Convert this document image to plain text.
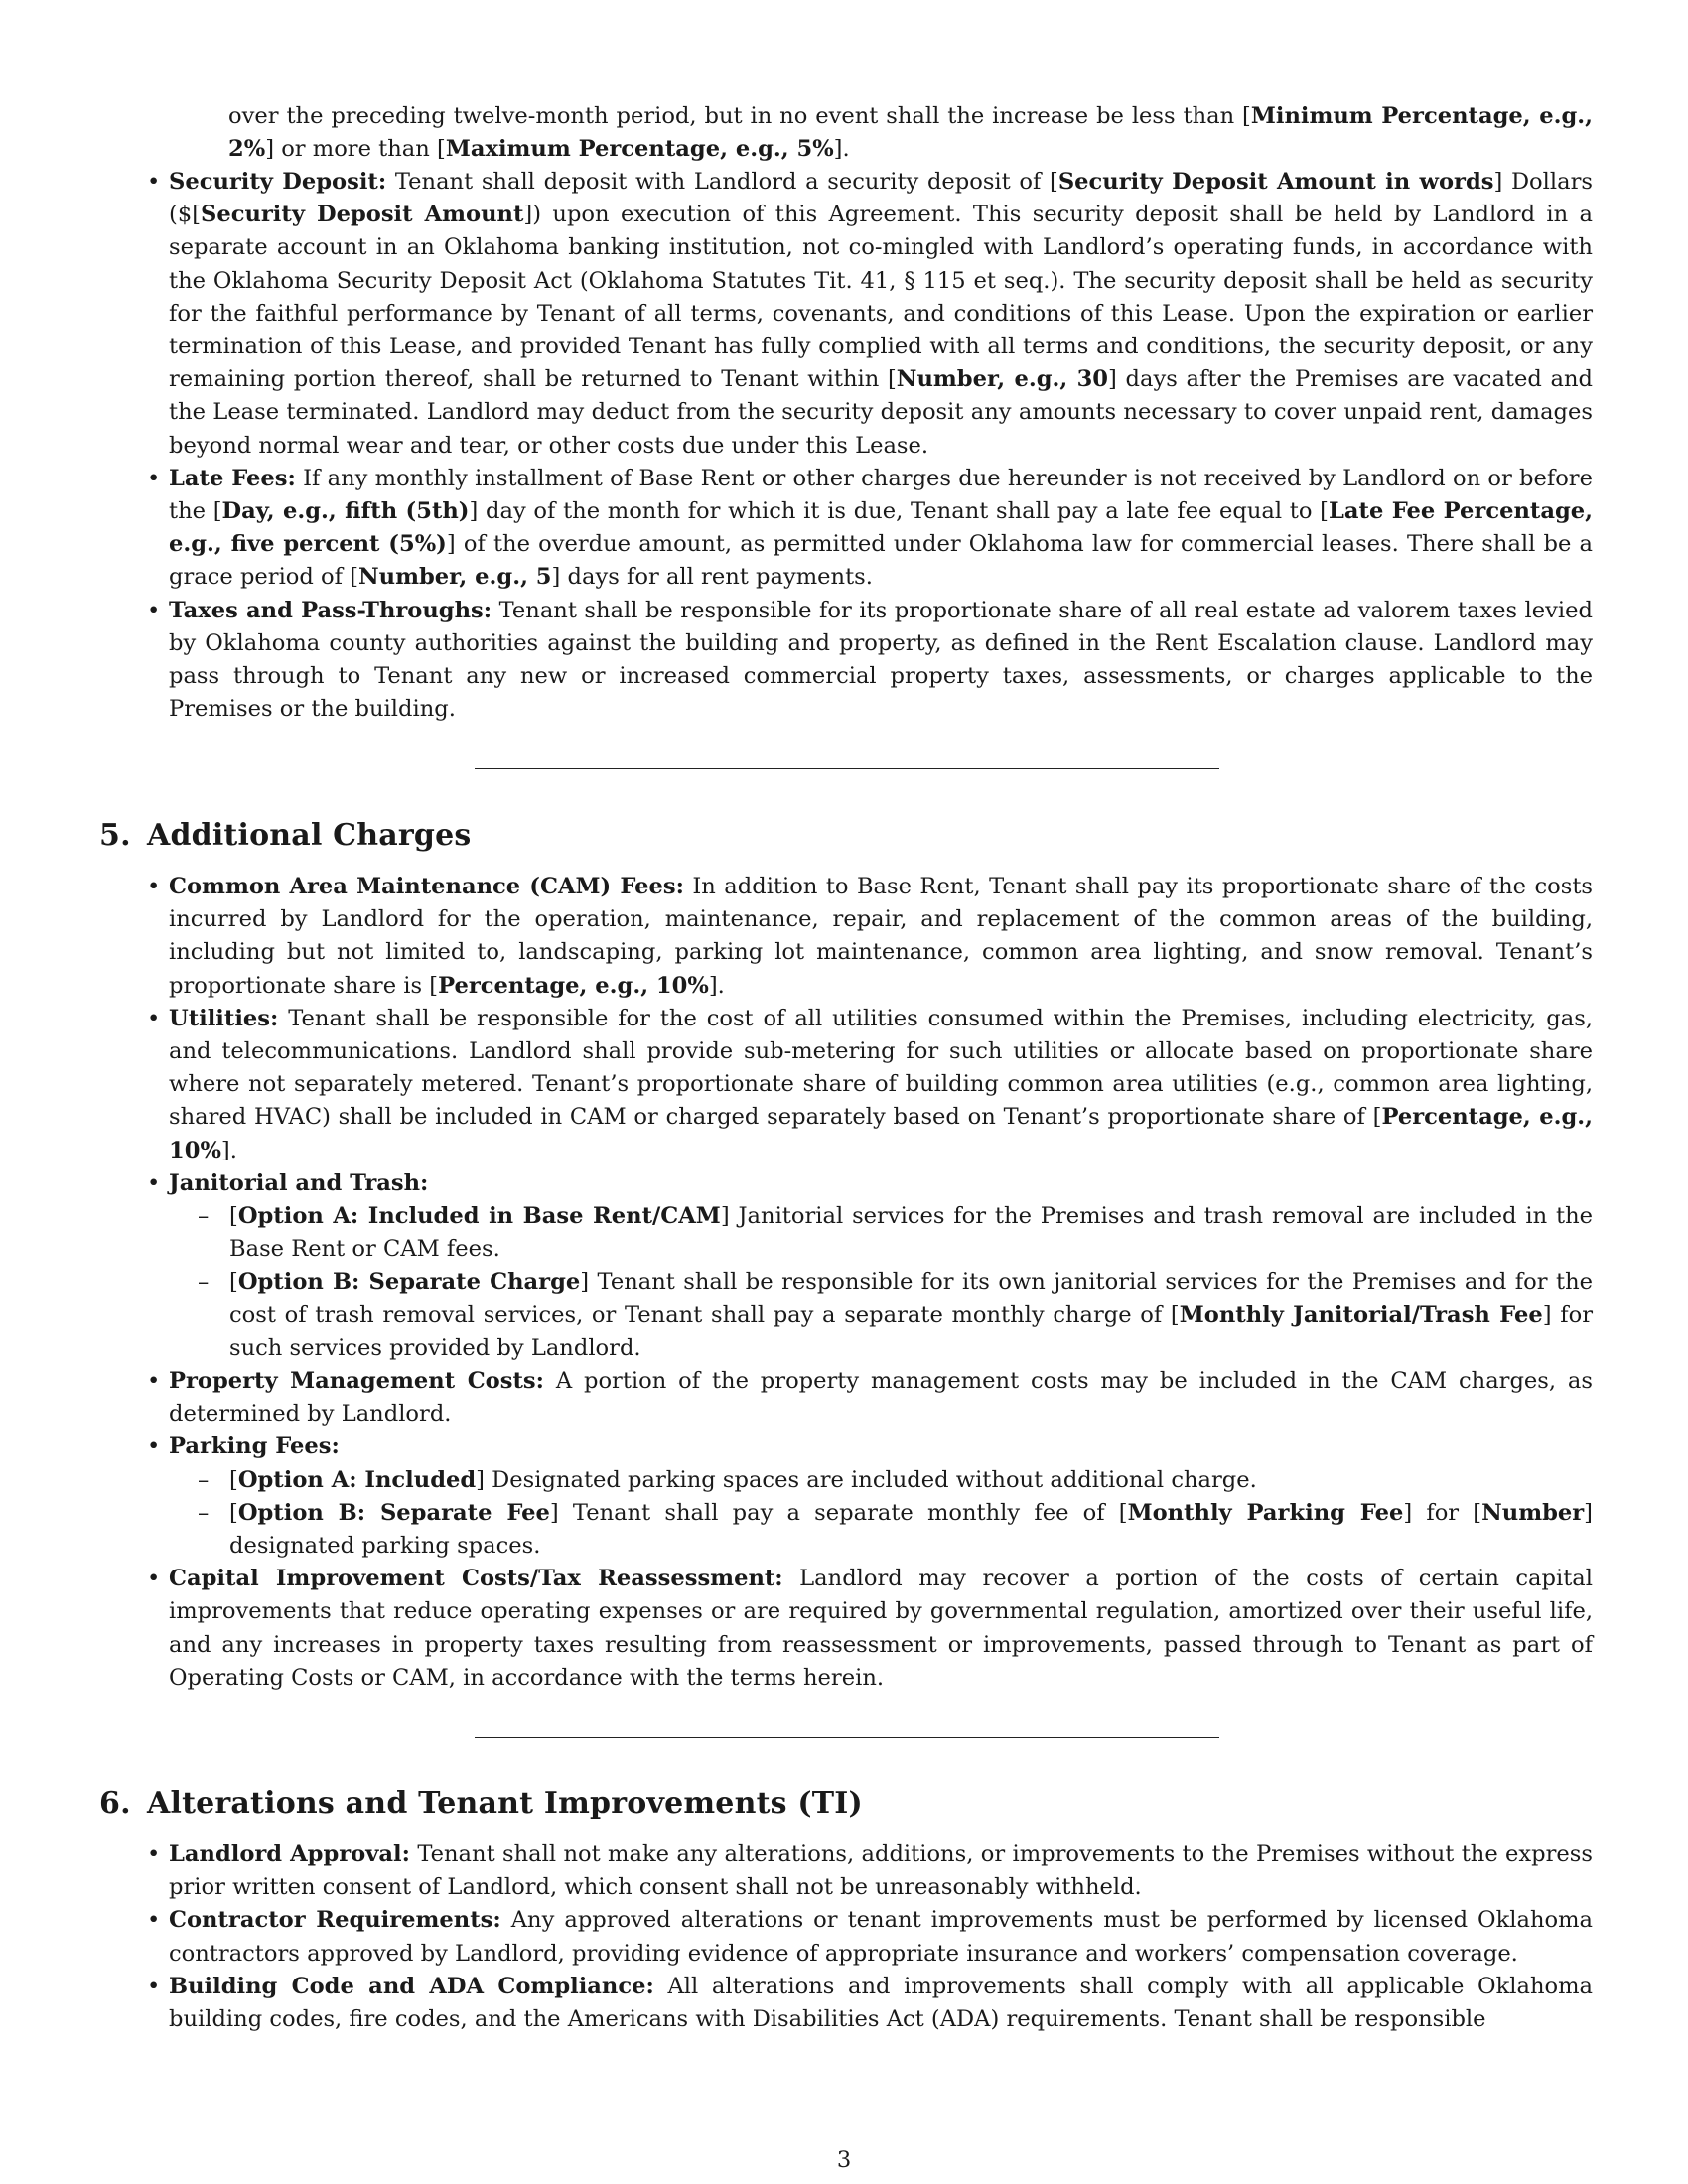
over the preceding twelve-month period, but in no event shall the increase be less than [Minimum Percentage, e.g., 2%] or more than [Maximum Percentage, e.g., 5%].
• Security Deposit: Tenant shall deposit with Landlord a security deposit of [Security Deposit Amount in words] Dollars ($[Security Deposit Amount]) upon execution of this Agreement. This security deposit shall be held by Landlord in a separate account in an Oklahoma banking institution, not co-mingled with Landlord’s operating funds, in accordance with the Oklahoma Security Deposit Act (Oklahoma Statutes Tit. 41, § 115 et seq.). The security deposit shall be held as security for the faithful performance by Tenant of all terms, covenants, and conditions of this Lease. Upon the expiration or earlier termination of this Lease, and provided Tenant has fully complied with all terms and conditions, the security deposit, or any remaining portion thereof, shall be returned to Tenant within [Number, e.g., 30] days after the Premises are vacated and the Lease terminated. Landlord may deduct from the security deposit any amounts necessary to cover unpaid rent, damages beyond normal wear and tear, or other costs due under this Lease.
• Late Fees: If any monthly installment of Base Rent or other charges due hereunder is not received by Landlord on or before the [Day, e.g., fifth (5th)] day of the month for which it is due, Tenant shall pay a late fee equal to [Late Fee Percentage, e.g., five percent (5%)] of the overdue amount, as permitted under Oklahoma law for commercial leases. There shall be a grace period of [Number, e.g., 5] days for all rent payments.
• Taxes and Pass-Throughs: Tenant shall be responsible for its proportionate share of all real estate ad valorem taxes levied by Oklahoma county authorities against the building and property, as defined in the Rent Escalation clause. Landlord may pass through to Tenant any new or increased commercial property taxes, assessments, or charges applicable to the Premises or the building.
5. Additional Charges
• Common Area Maintenance (CAM) Fees: In addition to Base Rent, Tenant shall pay its proportionate share of the costs incurred by Landlord for the operation, maintenance, repair, and replacement of the common areas of the building, including but not limited to, landscaping, parking lot maintenance, common area lighting, and snow removal. Tenant’s proportionate share is [Percentage, e.g., 10%].
• Utilities: Tenant shall be responsible for the cost of all utilities consumed within the Premises, including electricity, gas, and telecommunications. Landlord shall provide sub-metering for such utilities or allocate based on proportionate share where not separately metered. Tenant’s proportionate share of building common area utilities (e.g., common area lighting, shared HVAC) shall be included in CAM or charged separately based on Tenant’s proportionate share of [Percentage, e.g., 10%].
• Janitorial and Trash:
– [Option A: Included in Base Rent/CAM] Janitorial services for the Premises and trash removal are included in the Base Rent or CAM fees.
– [Option B: Separate Charge] Tenant shall be responsible for its own janitorial services for the Premises and for the cost of trash removal services, or Tenant shall pay a separate monthly charge of [Monthly Janitorial/Trash Fee] for such services provided by Landlord.
• Property Management Costs: A portion of the property management costs may be included in the CAM charges, as determined by Landlord.
• Parking Fees:
– [Option A: Included] Designated parking spaces are included without additional charge.
– [Option B: Separate Fee] Tenant shall pay a separate monthly fee of [Monthly Parking Fee] for [Number] designated parking spaces.
• Capital Improvement Costs/Tax Reassessment: Landlord may recover a portion of the costs of certain capital improvements that reduce operating expenses or are required by governmental regulation, amortized over their useful life, and any increases in property taxes resulting from reassessment or improvements, passed through to Tenant as part of Operating Costs or CAM, in accordance with the terms herein.
6. Alterations and Tenant Improvements (TI)
• Landlord Approval: Tenant shall not make any alterations, additions, or improvements to the Premises without the express prior written consent of Landlord, which consent shall not be unreasonably withheld.
• Contractor Requirements: Any approved alterations or tenant improvements must be performed by licensed Oklahoma contractors approved by Landlord, providing evidence of appropriate insurance and workers’ compensation coverage.
• Building Code and ADA Compliance: All alterations and improvements shall comply with all applicable Oklahoma building codes, fire codes, and the Americans with Disabilities Act (ADA) requirements. Tenant shall be responsible
3
